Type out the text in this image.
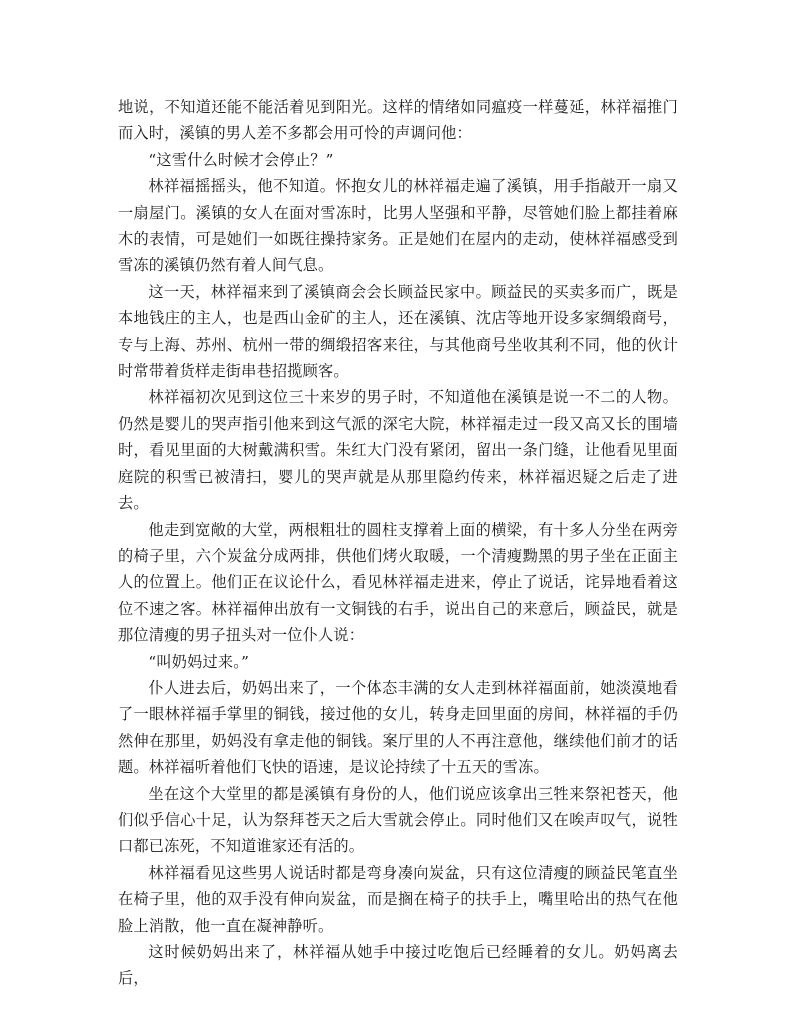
地说，不知道还能不能活着见到阳光。这样的情绪如同瘟疫一样蔓延，林祥福推门而入时，溪镇的男人差不多都会用可怜的声调问他：

“这雪什么时候才会停止？”

林祥福摇摇头，他不知道。怀抱女儿的林祥福走遍了溪镇，用手指敲开一扇又一扇屋门。溪镇的女人在面对雪冻时，比男人坚强和平静，尽管她们脸上都挂着麻木的表情，可是她们一如既往操持家务。正是她们在屋内的走动，使林祥福感受到雪冻的溪镇仍然有着人间气息。

这一天，林祥福来到了溪镇商会会长顾益民家中。顾益民的买卖多而广，既是本地钱庄的主人，也是西山金矿的主人，还在溪镇、沈店等地开设多家绸缎商号，专与上海、苏州、杭州一带的绸缎招客来往，与其他商号坐收其利不同，他的伙计时常带着货样走街串巷招揽顾客。

林祥福初次见到这位三十来岁的男子时，不知道他在溪镇是说一不二的人物。仍然是婴儿的哭声指引他来到这气派的深宅大院，林祥福走过一段又高又长的围墙时，看见里面的大树戴满积雪。朱红大门没有紧闭，留出一条门缝，让他看见里面庭院的积雪已被清扫，婴儿的哭声就是从那里隐约传来，林祥福迟疑之后走了进去。

他走到宽敞的大堂，两根粗壮的圆柱支撑着上面的横梁，有十多人分坐在两旁的椅子里，六个炭盆分成两排，供他们烤火取暖，一个清瘦黝黑的男子坐在正面主人的位置上。他们正在议论什么，看见林祥福走进来，停止了说话，诧异地看着这位不速之客。林祥福伸出放有一文铜钱的右手，说出自己的来意后，顾益民，就是那位清瘦的男子扭头对一位仆人说：

“叫奶妈过来。”

仆人进去后，奶妈出来了，一个体态丰满的女人走到林祥福面前，她淡漠地看了一眼林祥福手掌里的铜钱，接过他的女儿，转身走回里面的房间，林祥福的手仍然伸在那里，奶妈没有拿走他的铜钱。案厅里的人不再注意他，继续他们前才的话题。林祥福听着他们飞快的语速，是议论持续了十五天的雪冻。

坐在这个大堂里的都是溪镇有身份的人，他们说应该拿出三牲来祭祀苍天，他们似乎信心十足，认为祭拜苍天之后大雪就会停止。同时他们又在唉声叹气，说牲口都已冻死，不知道谁家还有活的。

林祥福看见这些男人说话时都是弯身凑向炭盆，只有这位清瘦的顾益民笔直坐在椅子里，他的双手没有伸向炭盆，而是搁在椅子的扶手上，嘴里哈出的热气在他脸上消散，他一直在凝神静听。

这时候奶妈出来了，林祥福从她手中接过吃饱后已经睡着的女儿。奶妈离去后，
